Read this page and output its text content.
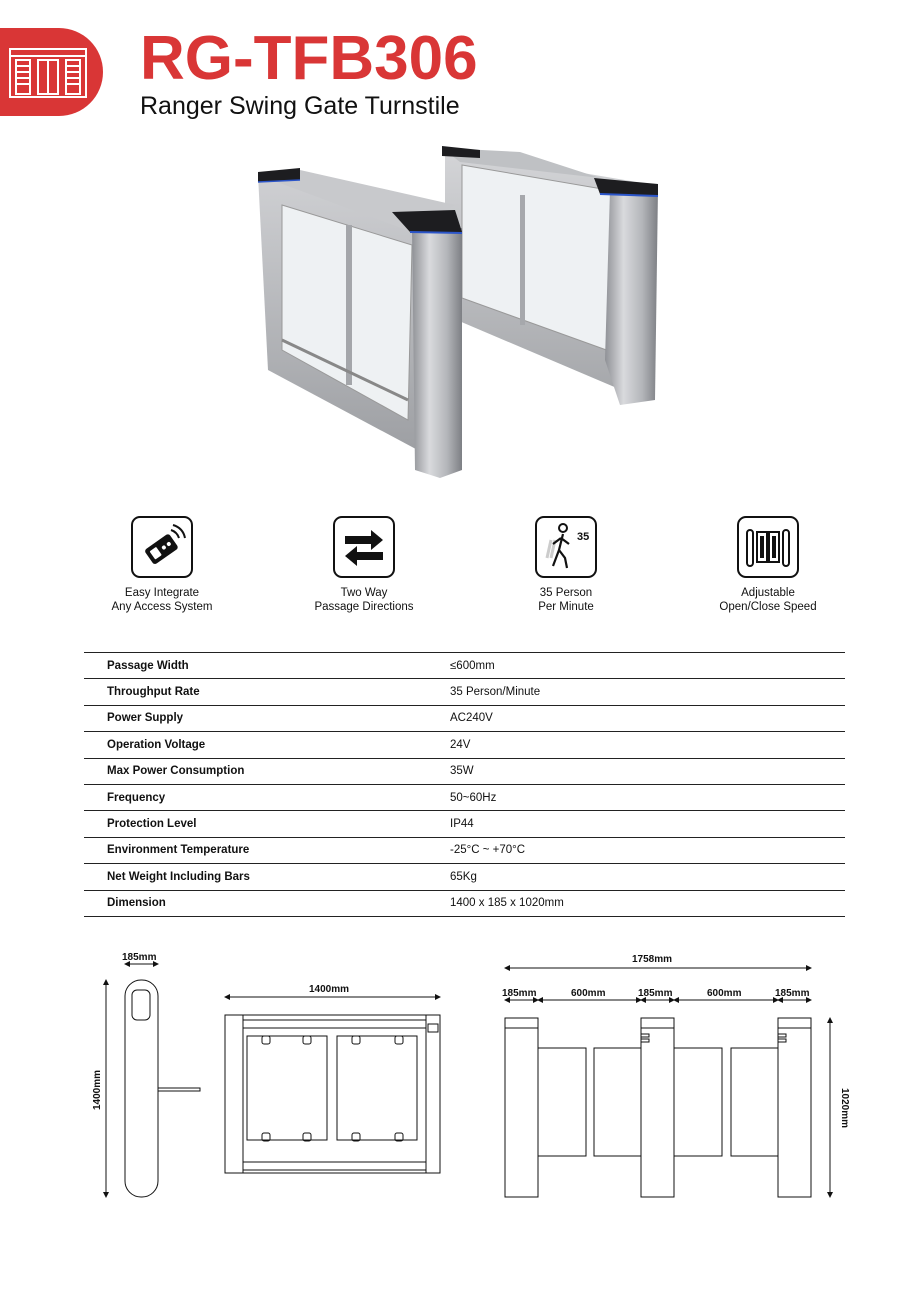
RG-TFB306
Ranger Swing Gate Turnstile
Easy Integrate
Any Access System
Two Way
Passage Directions
35
35 Person
Per Minute
Adjustable
Open/Close Speed
Passage Width	≤600mm
Throughput Rate	35 Person/Minute
Power Supply	AC240V
Operation Voltage	24V
Max Power Consumption	35W
Frequency	50~60Hz
Protection Level	IP44
Environment Temperature	-25°C ~ +70°C
Net Weight Including Bars	65Kg
Dimension	1400 x 185 x 1020mm
185mm
1400mm
1400mm
1758mm
185mm	600mm	185mm	600mm	185mm
1020mm
